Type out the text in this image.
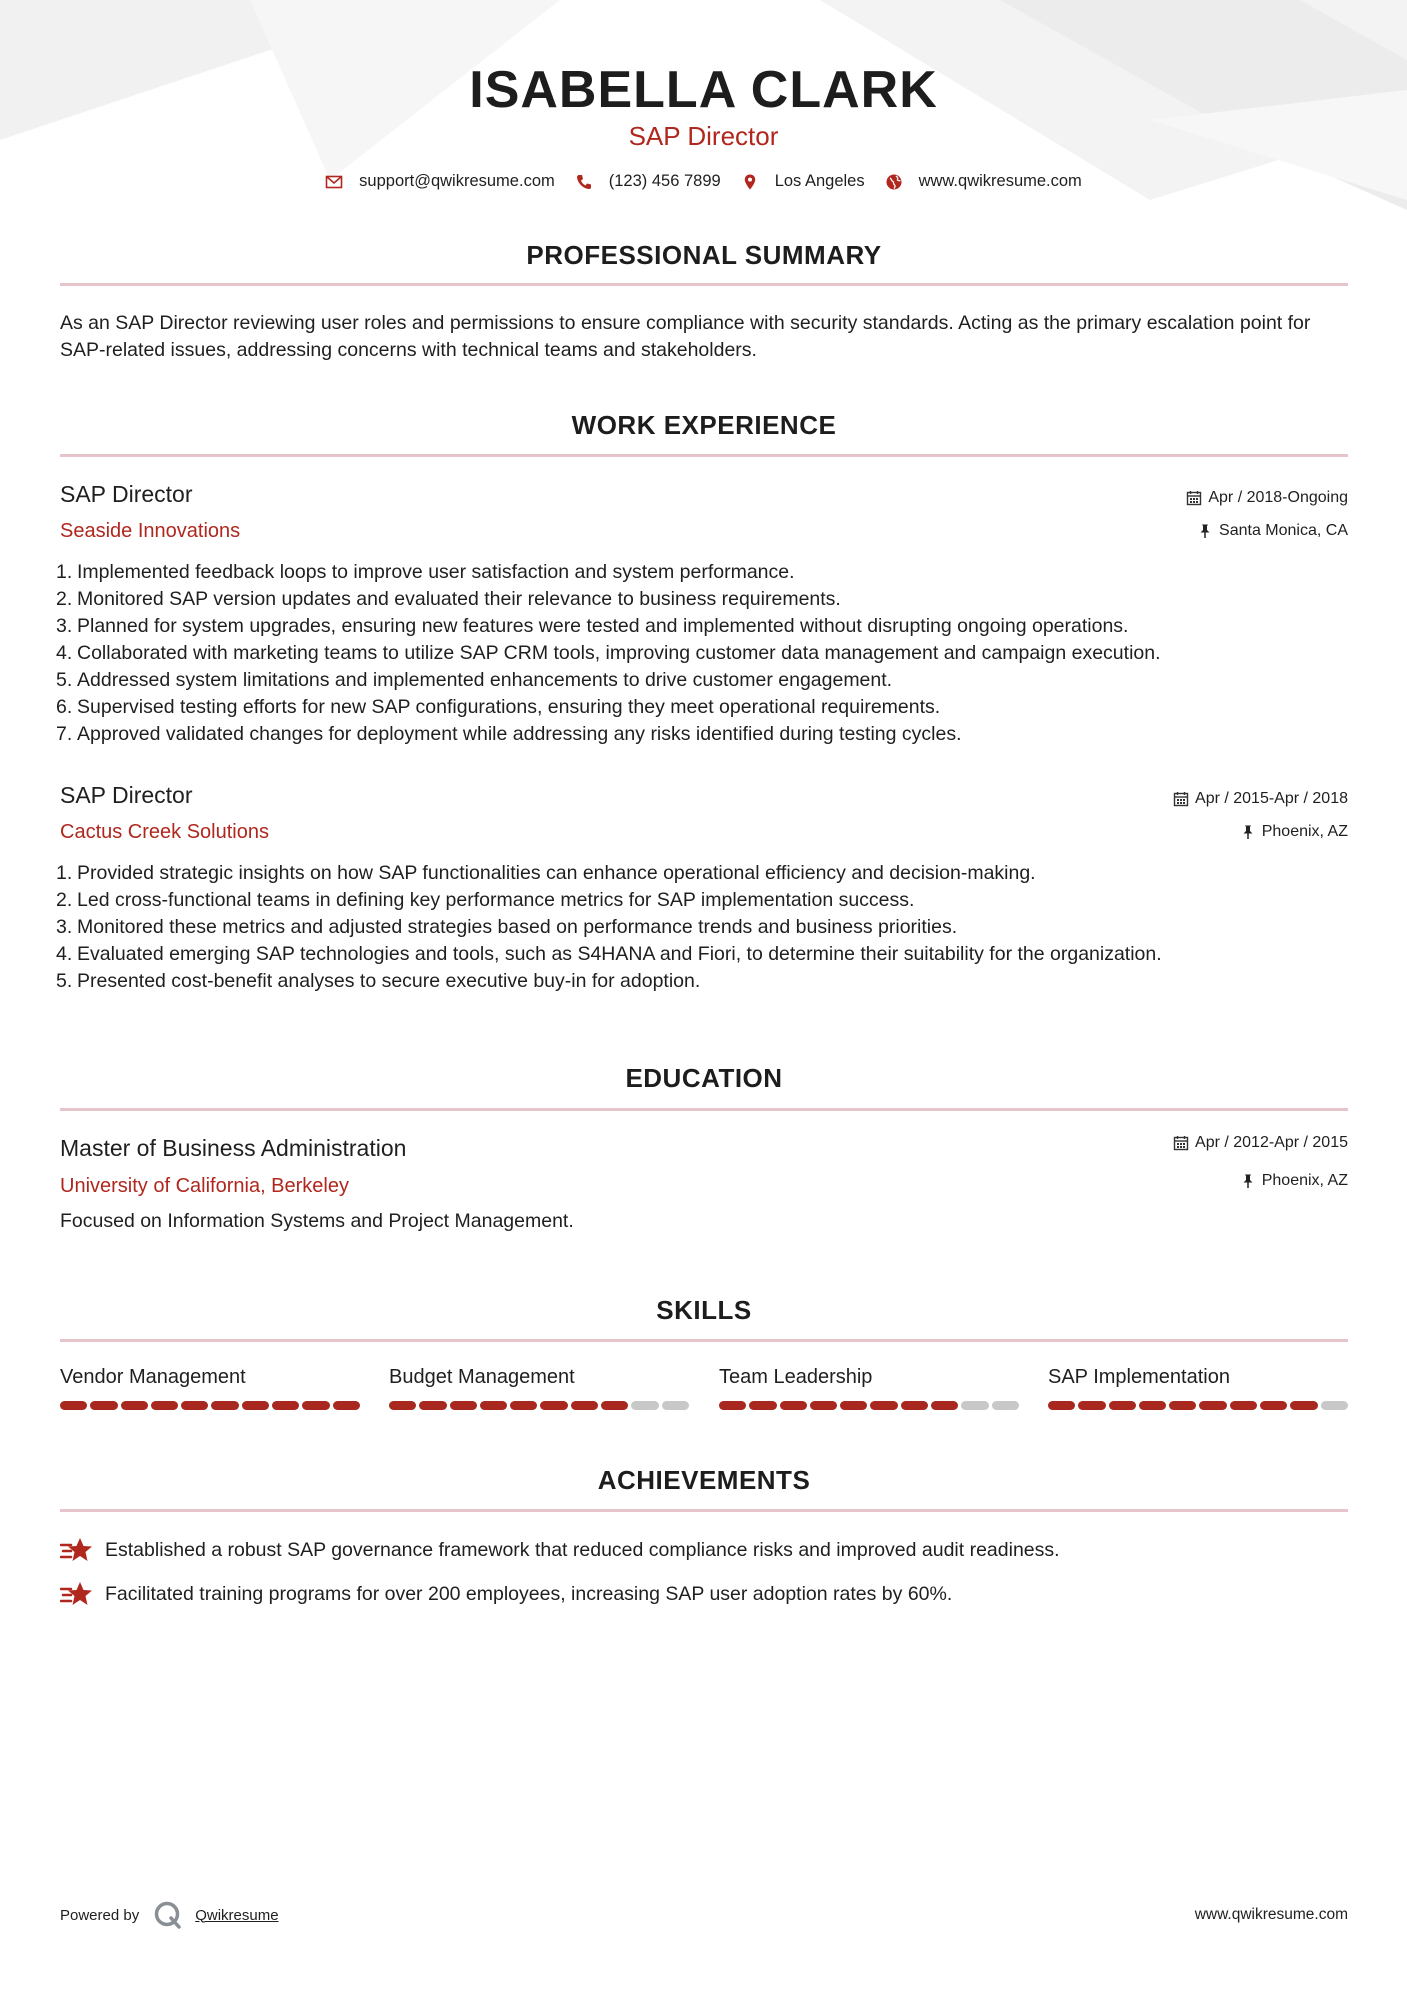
ISABELLA CLARK
SAP Director
support@qwikresume.com	(123) 456 7899	Los Angeles	www.qwikresume.com
PROFESSIONAL SUMMARY
As an SAP Director reviewing user roles and permissions to ensure compliance with security standards. Acting as the primary escalation point for SAP-related issues, addressing concerns with technical teams and stakeholders.
WORK EXPERIENCE
SAP Director
Seaside Innovations
Apr / 2018-Ongoing
Santa Monica, CA
1. Implemented feedback loops to improve user satisfaction and system performance.
2. Monitored SAP version updates and evaluated their relevance to business requirements.
3. Planned for system upgrades, ensuring new features were tested and implemented without disrupting ongoing operations.
4. Collaborated with marketing teams to utilize SAP CRM tools, improving customer data management and campaign execution.
5. Addressed system limitations and implemented enhancements to drive customer engagement.
6. Supervised testing efforts for new SAP configurations, ensuring they meet operational requirements.
7. Approved validated changes for deployment while addressing any risks identified during testing cycles.
SAP Director
Cactus Creek Solutions
Apr / 2015-Apr / 2018
Phoenix, AZ
1. Provided strategic insights on how SAP functionalities can enhance operational efficiency and decision-making.
2. Led cross-functional teams in defining key performance metrics for SAP implementation success.
3. Monitored these metrics and adjusted strategies based on performance trends and business priorities.
4. Evaluated emerging SAP technologies and tools, such as S4HANA and Fiori, to determine their suitability for the organization.
5. Presented cost-benefit analyses to secure executive buy-in for adoption.
EDUCATION
Master of Business Administration
University of California, Berkeley
Apr / 2012-Apr / 2015
Phoenix, AZ
Focused on Information Systems and Project Management.
SKILLS
Vendor Management	Budget Management	Team Leadership	SAP Implementation
ACHIEVEMENTS
Established a robust SAP governance framework that reduced compliance risks and improved audit readiness.
Facilitated training programs for over 200 employees, increasing SAP user adoption rates by 60%.
Powered by	Qwikresume	www.qwikresume.com
